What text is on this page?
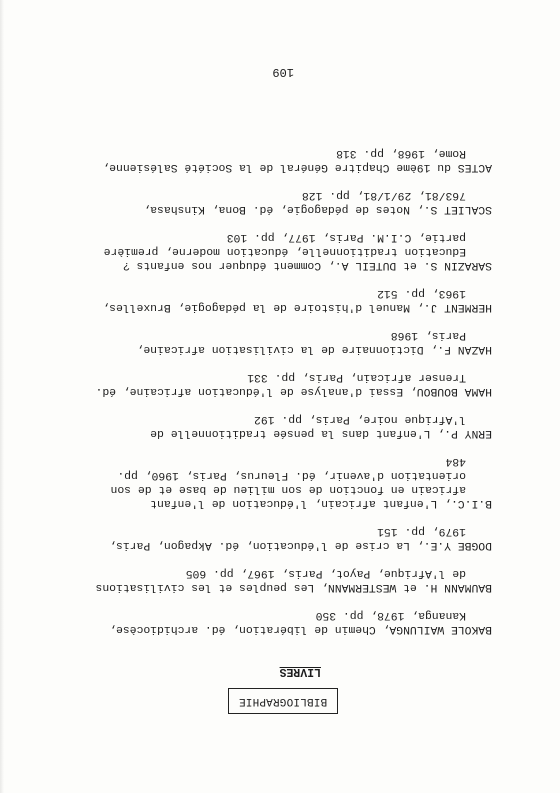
BIBLIOGRAPHIE
LIVRES
BAKOLE WAILUNGA, Chemin de libération, éd. archidiocèse,
Kananga, 1978, pp. 350
BAUMANN H. et WESTERMANN, Les peuples et les civilisations
de l'Afrique, Payot, Paris, 1967, pp. 605
DOGBE Y.E., La crise de l'éducation, éd. Akpagon, Paris,
1979, pp. 151
B.I.C., L'enfant africain, l'éducation de l'enfant
africain en fonction de son milieu de base et de son
orientation d'avenir, éd. Fleurus, Paris, 1960, pp.
484
ERNY P., L'enfant dans la pensée traditionnelle de
l'Afrique noire, Paris, pp. 192
HAMA BOUBOU, Essai d'analyse de l'éducation africaine, éd.
Trenser africain, Paris, pp. 331
HAZAN F., Dictionnaire de la civilisation africaine,
Paris, 1968
HERMENT J., Manuel d'histoire de la pédagogie, Bruxelles,
1963, pp. 512
SARAZIN S. et DUTEIL A., Comment éduquer nos enfants ?
Education traditionnelle, éducation moderne, première
partie, C.I.M. Paris, 1977, pp. 103
SCALIET S., Notes de pédagogie, éd. Bona, Kinshasa,
763/81, 29/1/81, pp. 128
ACTES du 19ème Chapitre Général de la Société Salésienne,
Rome, 1968, pp. 318
109
